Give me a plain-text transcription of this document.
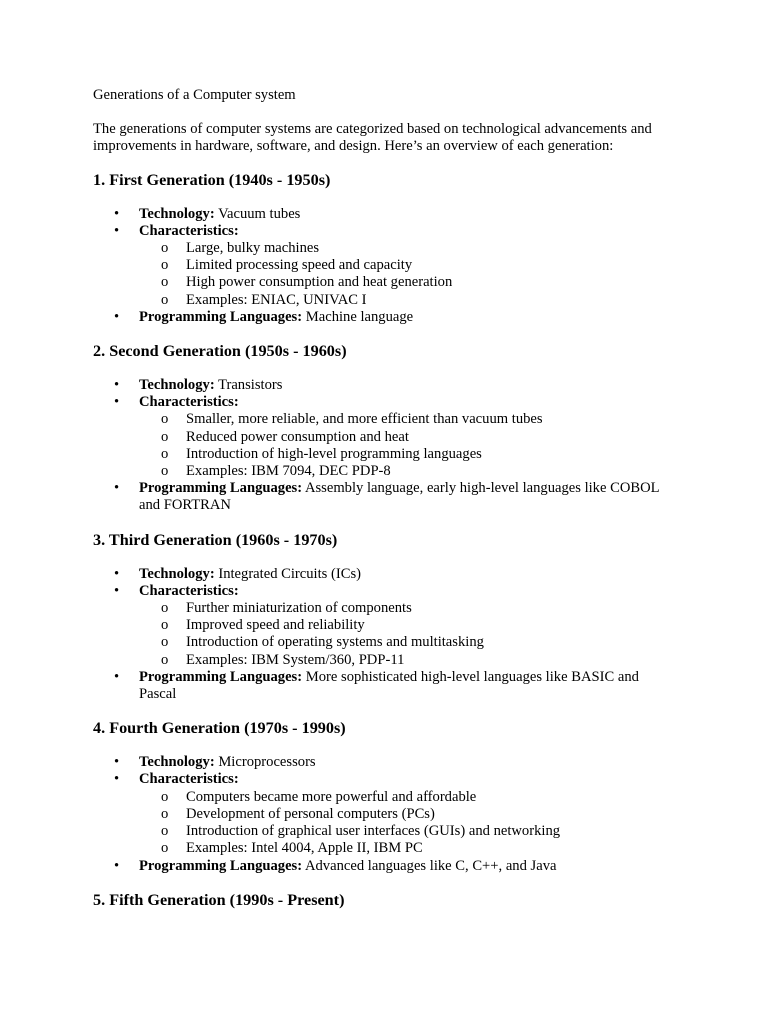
Generations of a Computer system

The generations of computer systems are categorized based on technological advancements and improvements in hardware, software, and design. Here’s an overview of each generation:

1. First Generation (1940s - 1950s)
• Technology: Vacuum tubes
• Characteristics:
o Large, bulky machines
o Limited processing speed and capacity
o High power consumption and heat generation
o Examples: ENIAC, UNIVAC I
• Programming Languages: Machine language
2. Second Generation (1950s - 1960s)
• Technology: Transistors
• Characteristics:
o Smaller, more reliable, and more efficient than vacuum tubes
o Reduced power consumption and heat
o Introduction of high-level programming languages
o Examples: IBM 7094, DEC PDP-8
• Programming Languages: Assembly language, early high-level languages like COBOL and FORTRAN
3. Third Generation (1960s - 1970s)
• Technology: Integrated Circuits (ICs)
• Characteristics:
o Further miniaturization of components
o Improved speed and reliability
o Introduction of operating systems and multitasking
o Examples: IBM System/360, PDP-11
• Programming Languages: More sophisticated high-level languages like BASIC and Pascal
4. Fourth Generation (1970s - 1990s)
• Technology: Microprocessors
• Characteristics:
o Computers became more powerful and affordable
o Development of personal computers (PCs)
o Introduction of graphical user interfaces (GUIs) and networking
o Examples: Intel 4004, Apple II, IBM PC
• Programming Languages: Advanced languages like C, C++, and Java
5. Fifth Generation (1990s - Present)
